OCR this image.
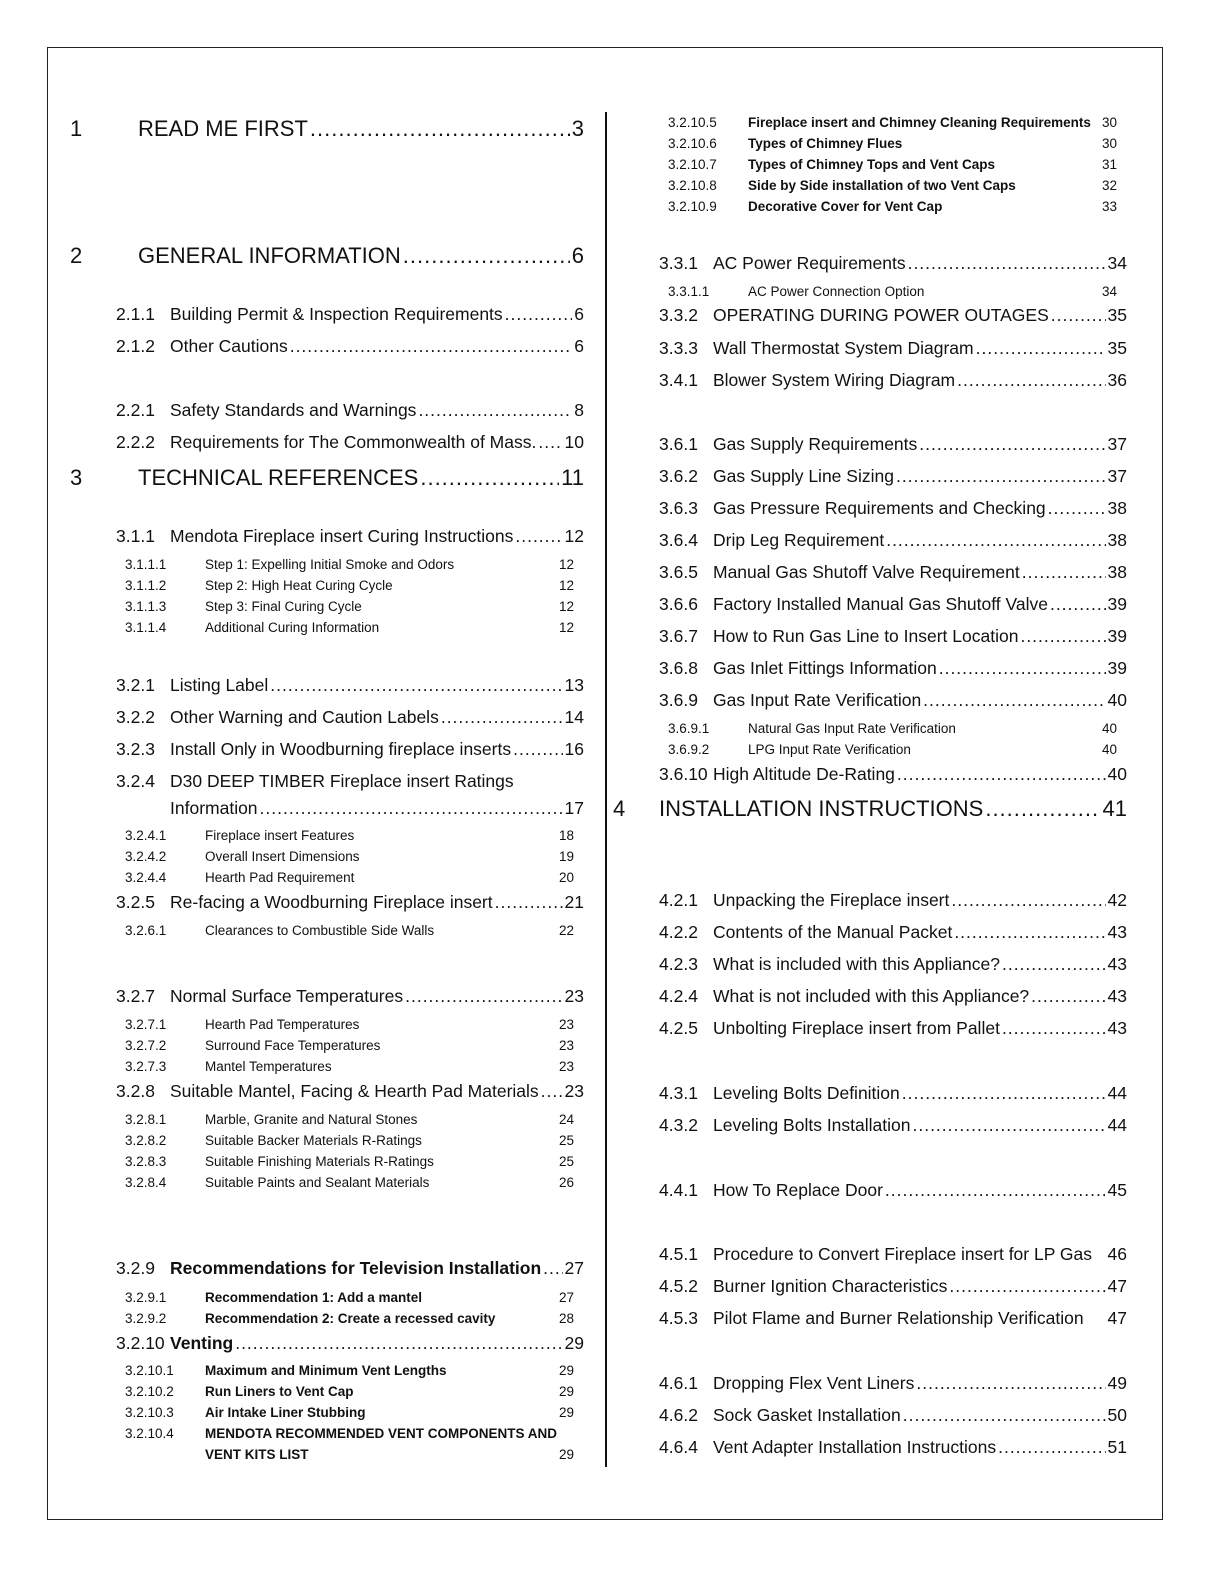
1	READ ME FIRST .....	3
2	GENERAL INFORMATION .....	6
2.1.1 Building Permit & Inspection Requirements .....	6
2.1.2 Other Cautions .....	6
2.2.1 Safety Standards and Warnings .....	8
2.2.2 Requirements for The Commonwealth of Mass. ..... 10
3	TECHNICAL REFERENCES .....	11
3.1.1 Mendota Fireplace insert Curing Instructions .....	12
3.1.1.1	Step 1: Expelling Initial Smoke and Odors	12
3.1.1.2	Step 2: High Heat Curing Cycle	12
3.1.1.3	Step 3: Final Curing Cycle	12
3.1.1.4	Additional Curing Information	12
3.2.1 Listing Label .....	13
3.2.2 Other Warning and Caution Labels .....	14
3.2.3 Install Only in Woodburning fireplace inserts .....	16
3.2.4 D30 DEEP TIMBER Fireplace insert Ratings
Information .....	17
3.2.4.1	Fireplace insert Features	18
3.2.4.2	Overall Insert Dimensions	19
3.2.4.4	Hearth Pad Requirement	20
3.2.5 Re-facing a Woodburning Fireplace insert .....	21
3.2.6.1	Clearances to Combustible Side Walls	22
3.2.7 Normal Surface Temperatures .....	23
3.2.7.1	Hearth Pad Temperatures	23
3.2.7.2	Surround Face Temperatures	23
3.2.7.3	Mantel Temperatures	23
3.2.8 Suitable Mantel, Facing & Hearth Pad Materials ..... 23
3.2.8.1	Marble, Granite and Natural Stones	24
3.2.8.2	Suitable Backer Materials R-Ratings	25
3.2.8.3	Suitable Finishing Materials R-Ratings	25
3.2.8.4	Suitable Paints and Sealant Materials	26
3.2.9 Recommendations for Television Installation ..... 27
3.2.9.1	Recommendation 1: Add a mantel	27
3.2.9.2	Recommendation 2: Create a recessed cavity	28
3.2.10 Venting .....	29
3.2.10.1	Maximum and Minimum Vent Lengths	29
3.2.10.2	Run Liners to Vent Cap	29
3.2.10.3	Air Intake Liner Stubbing	29
3.2.10.4 MENDOTA RECOMMENDED VENT COMPONENTS AND
VENT KITS LIST	29
3.2.10.5	Fireplace insert and Chimney Cleaning Requirements 30
3.2.10.6	Types of Chimney Flues	30
3.2.10.7	Types of Chimney Tops and Vent Caps	31
3.2.10.8	Side by Side installation of two Vent Caps	32
3.2.10.9	Decorative Cover for Vent Cap	33
3.3.1 AC Power Requirements .....	34
3.3.1.1	AC Power Connection Option	34
3.3.2 OPERATING DURING POWER OUTAGES .....	35
3.3.3 Wall Thermostat System Diagram .....	35
3.4.1 Blower System Wiring Diagram .....	36
3.6.1 Gas Supply Requirements .....	37
3.6.2 Gas Supply Line Sizing .....	37
3.6.3 Gas Pressure Requirements and Checking .....	38
3.6.4 Drip Leg Requirement .....	38
3.6.5 Manual Gas Shutoff Valve Requirement .....	38
3.6.6 Factory Installed Manual Gas Shutoff Valve .....	39
3.6.7 How to Run Gas Line to Insert Location .....	39
3.6.8 Gas Inlet Fittings Information .....	39
3.6.9 Gas Input Rate Verification .....	40
3.6.9.1	Natural Gas Input Rate Verification	40
3.6.9.2	LPG Input Rate Verification	40
3.6.10 High Altitude De-Rating .....	40
4	INSTALLATION INSTRUCTIONS .....	41
4.2.1 Unpacking the Fireplace insert .....	42
4.2.2 Contents of the Manual Packet .....	43
4.2.3 What is included with this Appliance? .....	43
4.2.4 What is not included with this Appliance? .....	43
4.2.5 Unbolting Fireplace insert from Pallet .....	43
4.3.1 Leveling Bolts Definition .....	44
4.3.2 Leveling Bolts Installation .....	44
4.4.1 How To Replace Door .....	45
4.5.1 Procedure to Convert Fireplace insert for LP Gas 46
4.5.2 Burner Ignition Characteristics .....	47
4.5.3 Pilot Flame and Burner Relationship Verification 47
4.6.1 Dropping Flex Vent Liners .....	49
4.6.2 Sock Gasket Installation .....	50
4.6.4 Vent Adapter Installation Instructions .....	51
